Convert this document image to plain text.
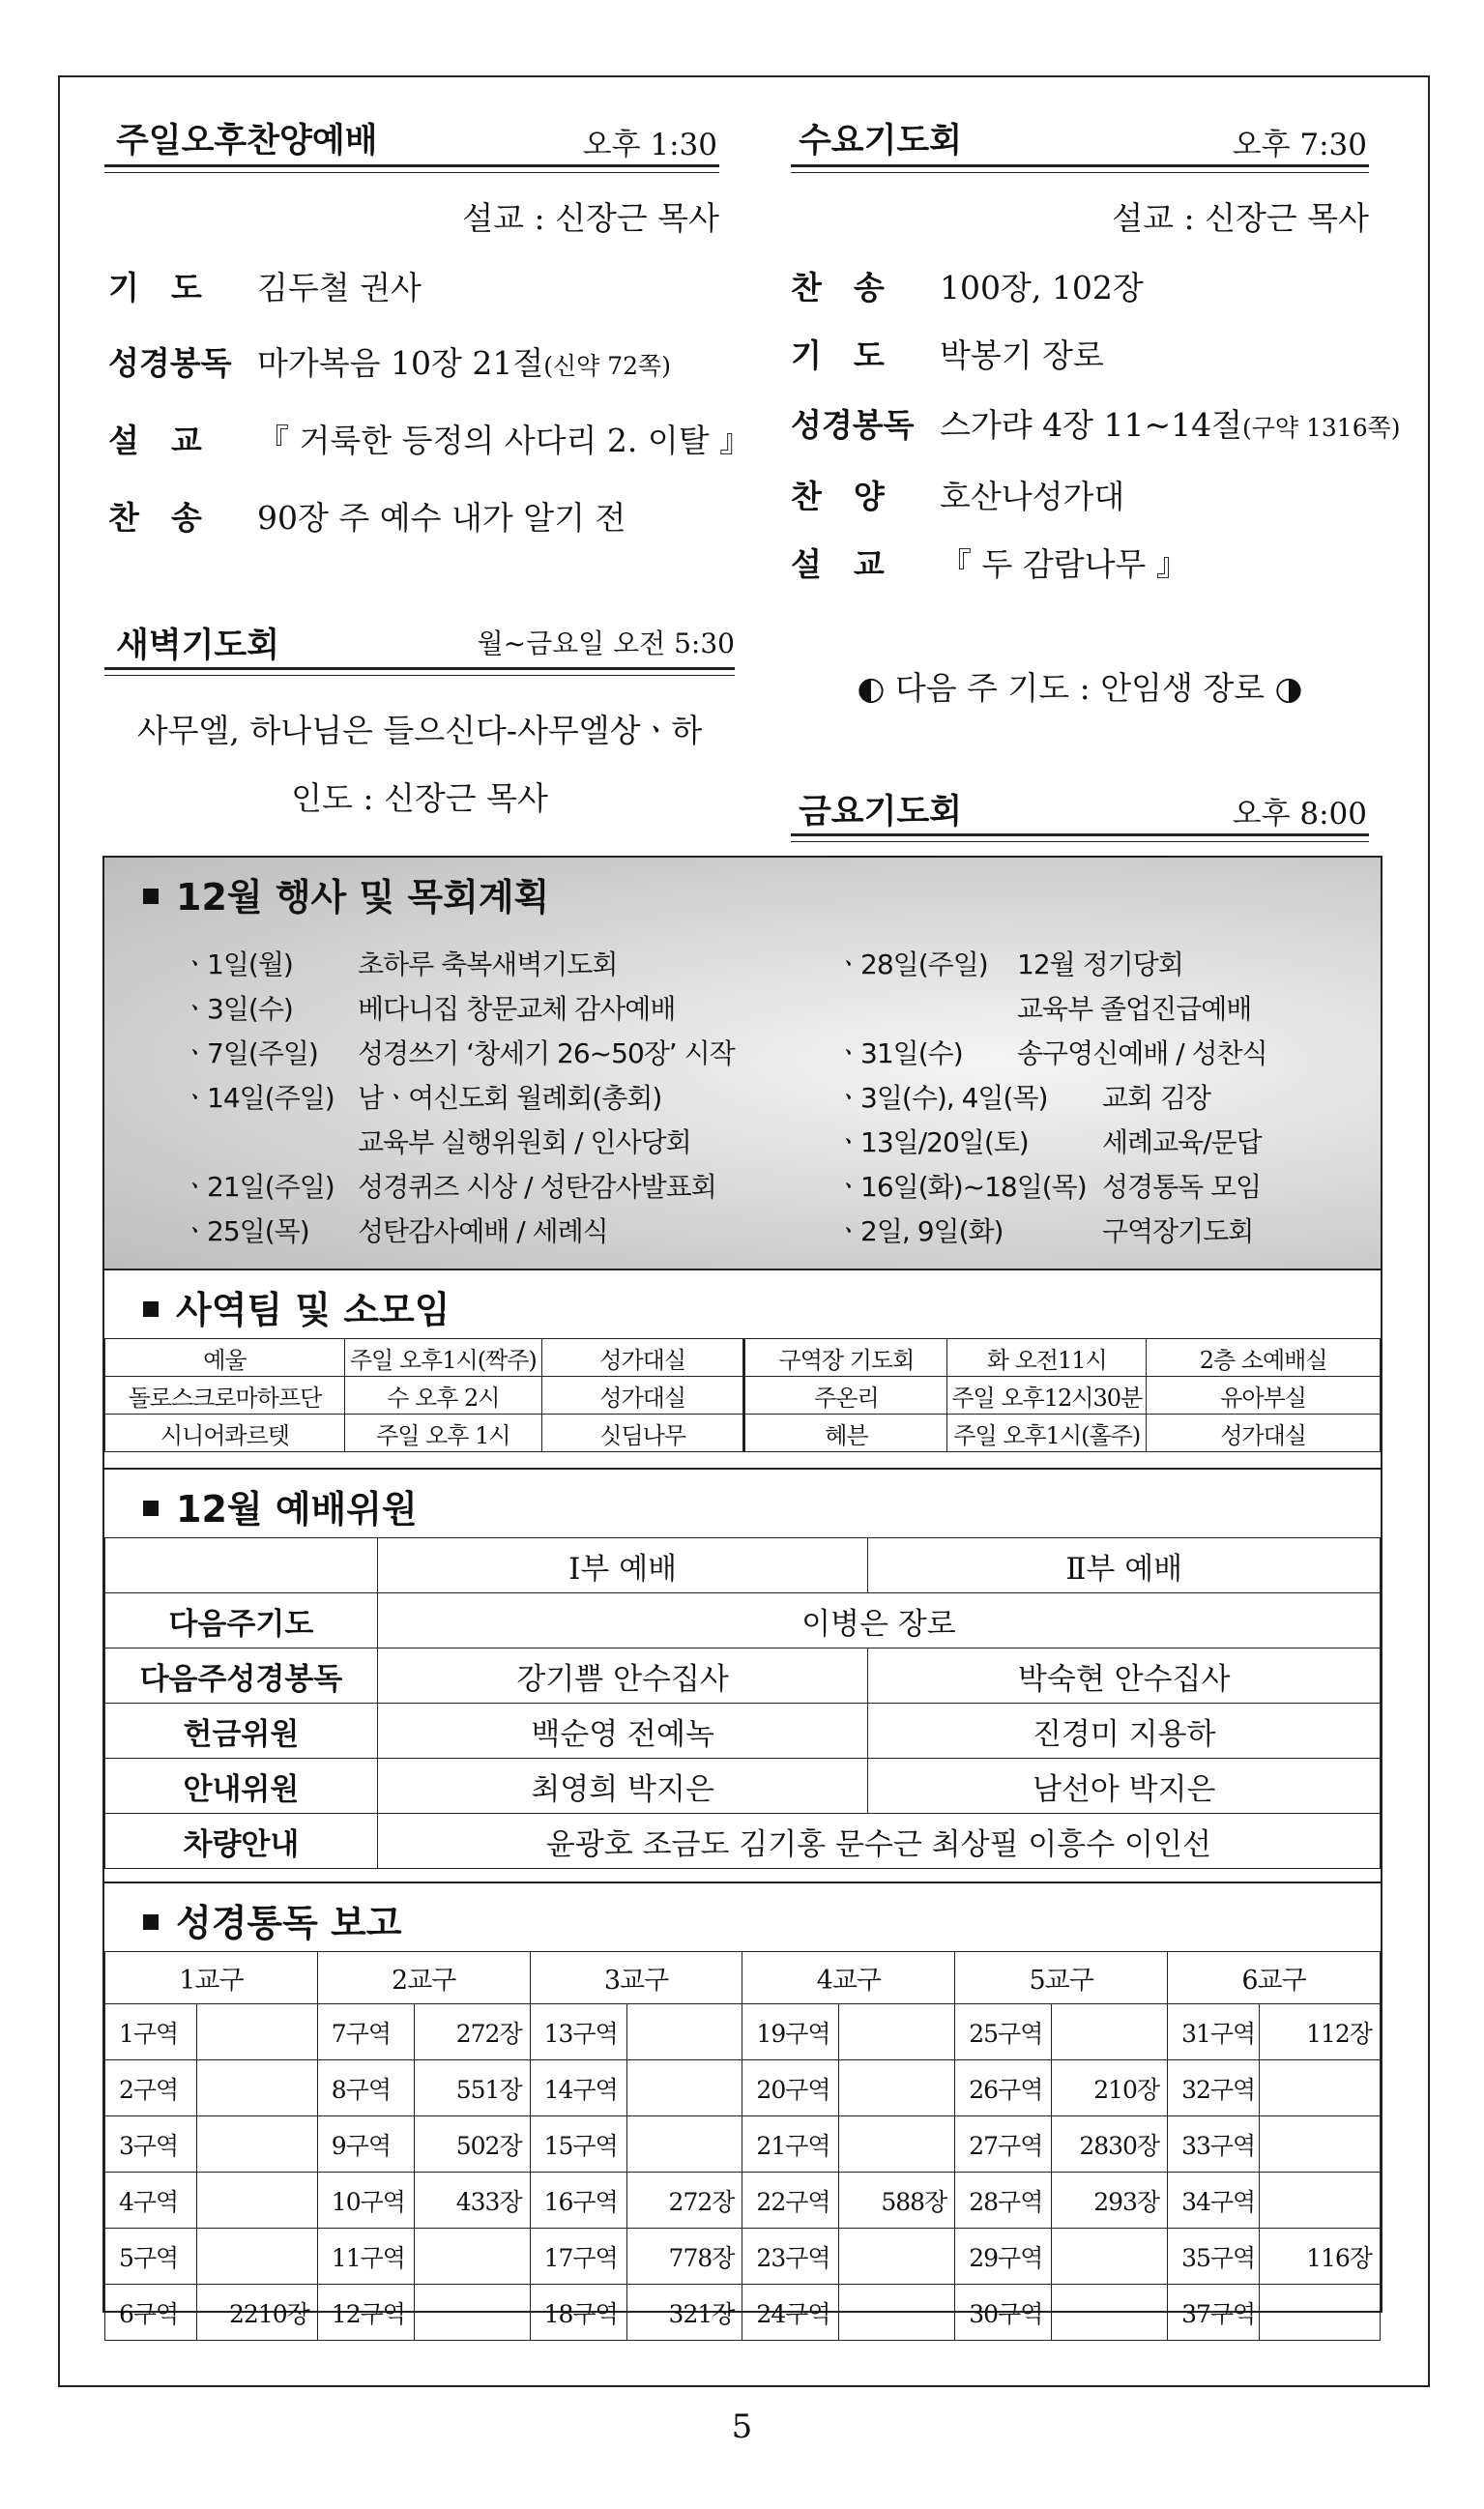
주일오후찬양예배	오후 1:30
설교 : 신장근 목사
기　도 김두철 권사
성경봉독 마가복음 10장 21절(신약 72쪽)
설　교 『 거룩한 등정의 사다리 2. 이탈 』
찬　송 90장 주 예수 내가 알기 전
새벽기도회	월~금요일 오전 5:30
사무엘, 하나님은 들으신다-사무엘상ㆍ하
인도 : 신장근 목사
수요기도회	오후 7:30
설교 : 신장근 목사
찬　송 100장, 102장
기　도 박봉기 장로
성경봉독 스가랴 4장 11~14절(구약 1316쪽)
찬　양 호산나성가대
설　교 『 두 감람나무 』
◐ 다음 주 기도 : 안임생 장로 ◑
금요기도회	오후 8:00
12월 행사 및 목회계획
ㆍ1일(월) 초하루 축복새벽기도회
ㆍ3일(수) 베다니집 창문교체 감사예배
ㆍ7일(주일) 성경쓰기 ‘창세기 26~50장’ 시작
ㆍ14일(주일) 남ㆍ여신도회 월례회(총회)
교육부 실행위원회 / 인사당회
ㆍ21일(주일) 성경퀴즈 시상 / 성탄감사발표회
ㆍ25일(목) 성탄감사예배 / 세례식
ㆍ28일(주일) 12월 정기당회
교육부 졸업진급예배
ㆍ31일(수) 송구영신예배 / 성찬식
ㆍ3일(수), 4일(목) 교회 김장
ㆍ13일/20일(토)	세례교육/문답
ㆍ16일(화)~18일(목) 성경통독 모임
ㆍ2일, 9일(화)	구역장기도회
사역팀 및 소모임
예울	주일 오후1시(짝주)	성가대실	구역장 기도회	화 오전11시	2층 소예배실
돌로스크로마하프단	수 오후 2시	성가대실	주온리	주일 오후12시30분	유아부실
시니어콰르텟	주일 오후 1시	싯딤나무	혜븐	주일 오후1시(홀주)	성가대실
12월 예배위원
	Ⅰ부 예배	Ⅱ부 예배
다음주기도	이병은 장로	
다음주성경봉독	강기쁨 안수집사	박숙현 안수집사
헌금위원	백순영 전예녹	진경미 지용하
안내위원	최영희 박지은	남선아 박지은
차량안내	윤광호 조금도 김기홍 문수근 최상필 이흥수 이인선	
성경통독 보고
1교구		2교구		3교구		4교구		5교구		6교구	
1구역		7구역	272장	13구역		19구역		25구역		31구역	112장
2구역		8구역	551장	14구역		20구역		26구역	210장	32구역	
3구역		9구역	502장	15구역		21구역		27구역	2830장	33구역	
4구역		10구역	433장	16구역	272장	22구역	588장	28구역	293장	34구역	
5구역		11구역		17구역	778장	23구역		29구역		35구역	116장
6구역	2210장	12구역		18구역	321장	24구역		30구역		37구역	
5
